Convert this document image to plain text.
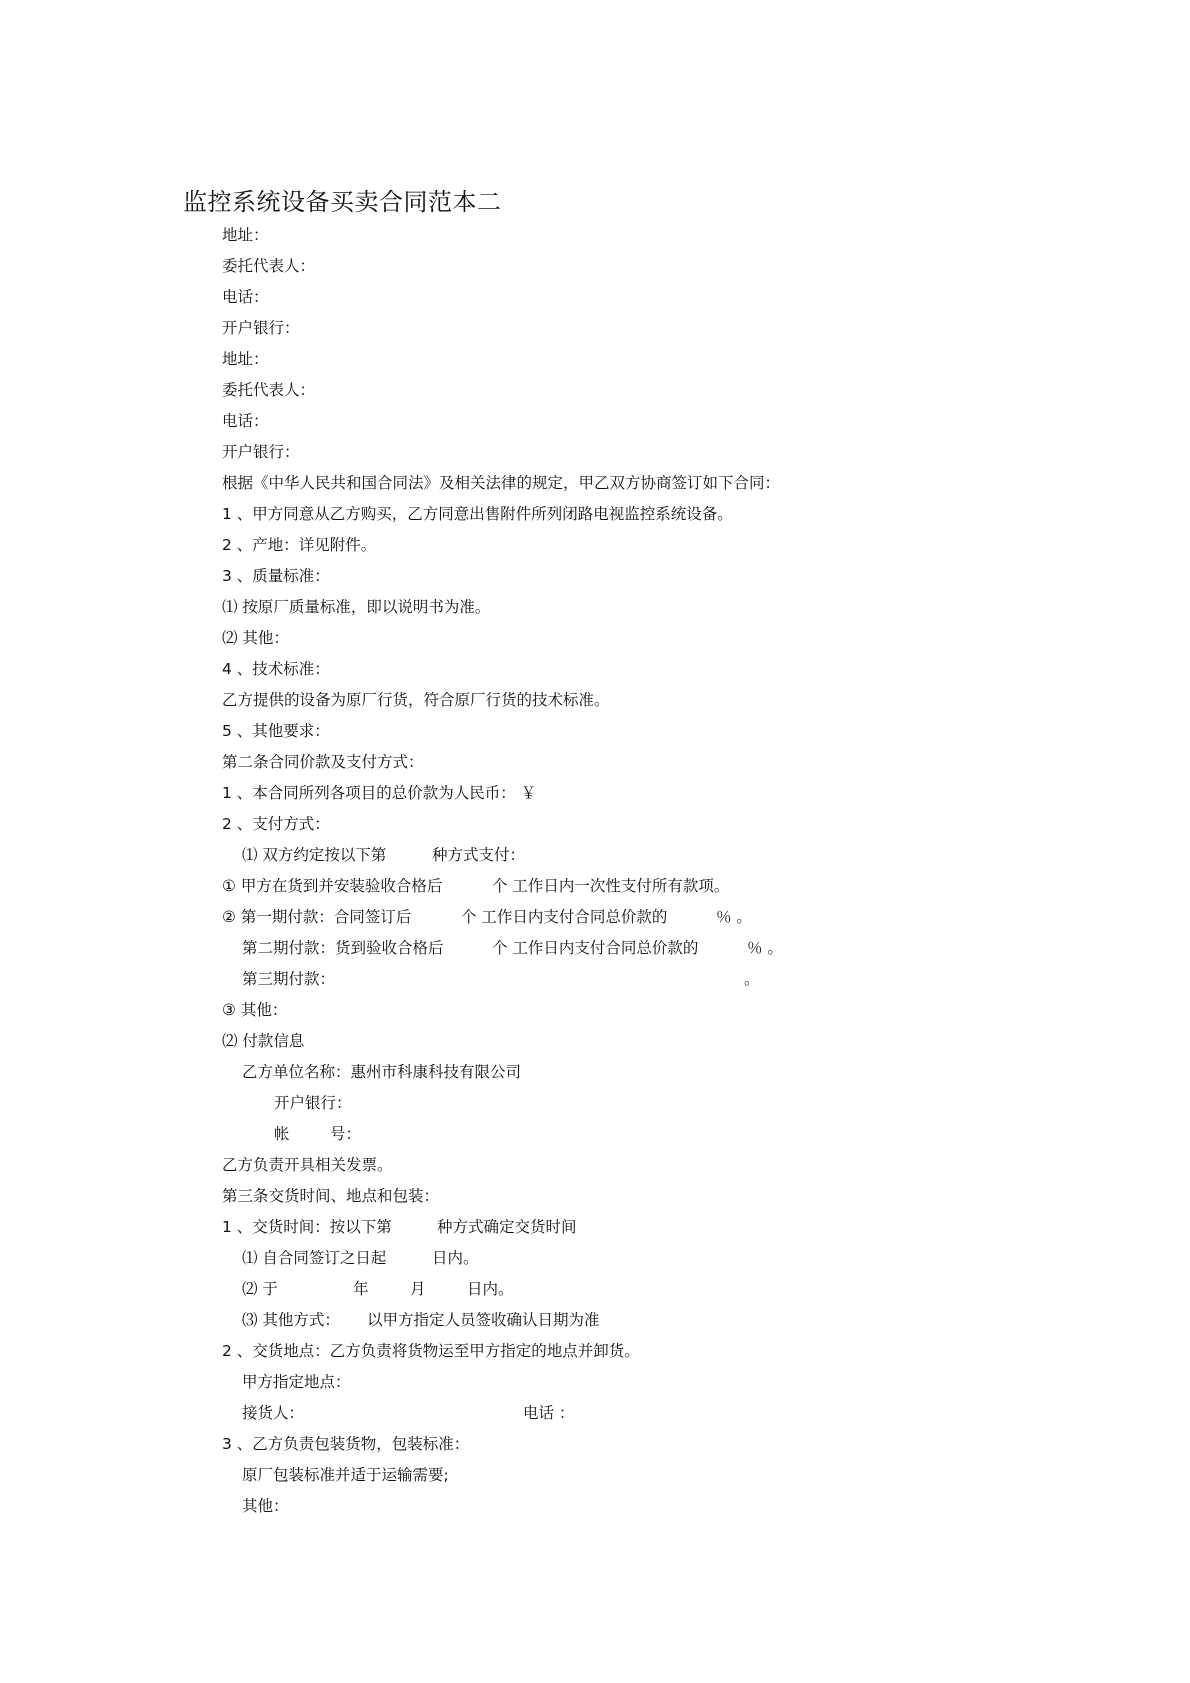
监控系统设备买卖合同范本二
地址：
委托代表人：
电话：
开户银行：
地址：
委托代表人：
电话：
开户银行：
根据《中华人民共和国合同法》及相关法律的规定，甲乙双方协商签订如下合同：
1 、甲方同意从乙方购买，乙方同意出售附件所列闭路电视监控系统设备。
2 、产地：详见附件。
3 、质量标准：
⑴ 按原厂质量标准，即以说明书为准。
⑵ 其他：
4 、技术标准：
乙方提供的设备为原厂行货，符合原厂行货的技术标准。
5 、其他要求：
第二条合同价款及支付方式：
1 、本合同所列各项目的总价款为人民币： ￥
2 、支付方式：
⑴ 双方约定按以下第	种方式支付：
① 甲方在货到并安装验收合格后	个 工作日内一次性支付所有款项。
② 第一期付款：合同签订后	个 工作日内支付合同总价款的	％ 。
第二期付款：货到验收合格后	个 工作日内支付合同总价款的	％ 。
第三期付款：	。
③ 其他：
⑵ 付款信息
乙方单位名称：惠州市科康科技有限公司
开户银行：
帐	号：
乙方负责开具相关发票。
第三条交货时间、地点和包装：
1 、交货时间：按以下第	种方式确定交货时间
⑴ 自合同签订之日起	日内。
⑵ 于	年	月	日内。
⑶ 其他方式： 以甲方指定人员签收确认日期为准
2 、交货地点：乙方负责将货物运至甲方指定的地点并卸货。
甲方指定地点：
接货人：	电话 ：
3 、乙方负责包装货物，包装标准：
原厂包装标准并适于运输需要;
其他：
